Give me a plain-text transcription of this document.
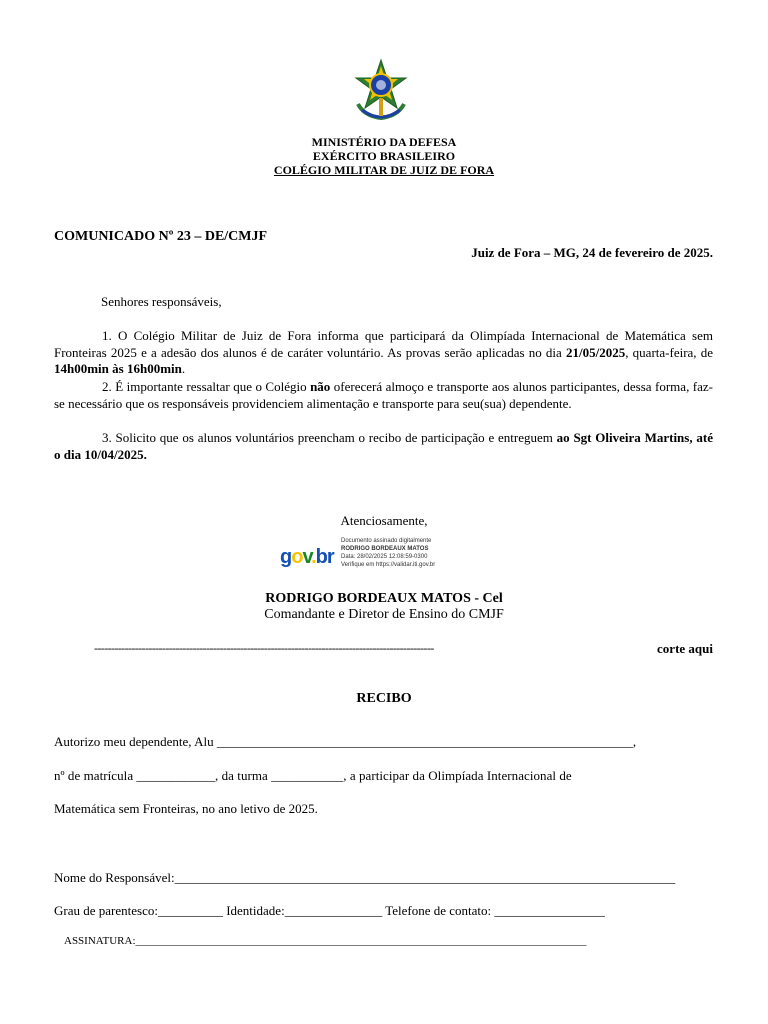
MINISTÉRIO DA DEFESA
EXÉRCITO BRASILEIRO
COLÉGIO MILITAR DE JUIZ DE FORA
COMUNICADO Nº 23 – DE/CMJF
Juiz de Fora – MG, 24 de fevereiro de 2025.
Senhores responsáveis,
1. O Colégio Militar de Juiz de Fora informa que participará da Olimpíada Internacional de Matemática sem Fronteiras 2025 e a adesão dos alunos é de caráter voluntário. As provas serão aplicadas no dia 21/05/2025, quarta-feira, de 14h00min às 16h00min.
2. É importante ressaltar que o Colégio não oferecerá almoço e transporte aos alunos participantes, dessa forma, faz-se necessário que os responsáveis providenciem alimentação e transporte para seu(sua) dependente.
3. Solicito que os alunos voluntários preencham o recibo de participação e entreguem ao Sgt Oliveira Martins, até o dia 10/04/2025.
Atenciosamente,
gov.br
Documento assinado digitalmente
RODRIGO BORDEAUX MATOS
Data: 28/02/2025 12:08:59-0300
Verifique em https://validar.iti.gov.br
RODRIGO BORDEAUX MATOS - Cel
Comandante e Diretor de Ensino do CMJF
----------------------------------------------------------------------------------------------------	corte aqui
RECIBO
Autorizo meu dependente, Alu ________________________________________________________________,
nº de matrícula ____________, da turma ___________, a participar da Olimpíada Internacional de
Matemática sem Fronteiras, no ano letivo de 2025.
Nome do Responsável:_____________________________________________________________________________
Grau de parentesco:__________ Identidade:_______________ Telefone de contato: _________________
ASSINATURA:__________________________________________________________________________________
